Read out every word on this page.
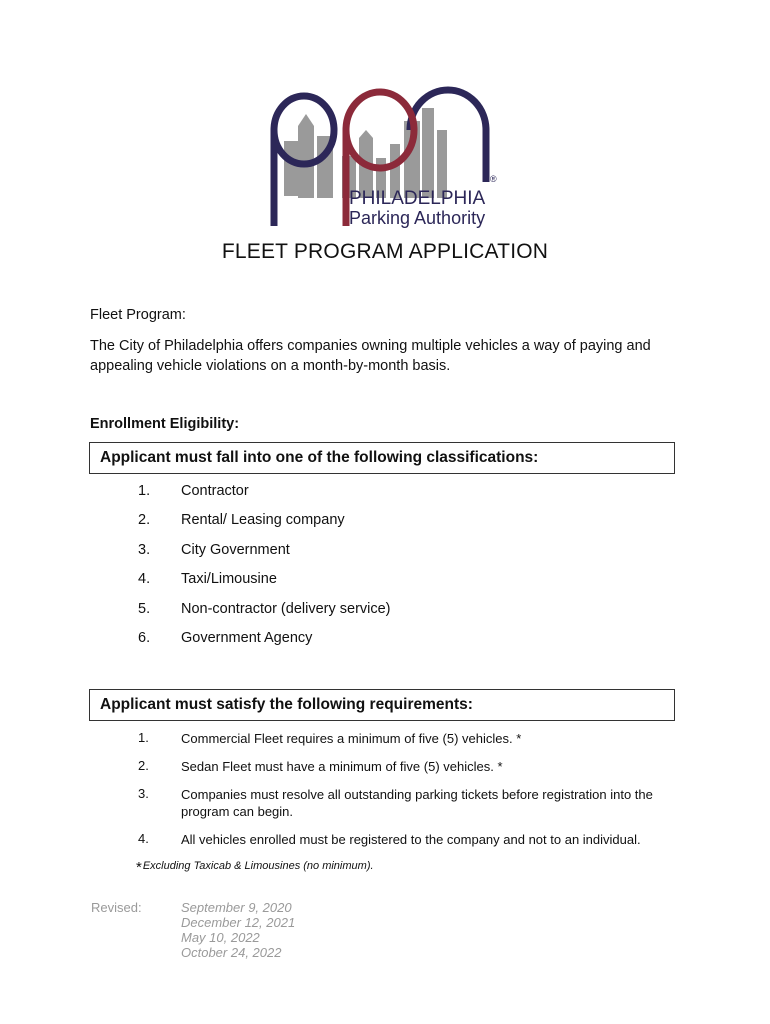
®
PHILADELPHIA
Parking Authority
FLEET PROGRAM APPLICATION
Fleet Program:
The City of Philadelphia offers companies owning multiple vehicles a way of paying and appealing vehicle violations on a month-by-month basis.
Enrollment Eligibility:
Applicant must fall into one of the following classifications:
1. Contractor
2. Rental/ Leasing company
3. City Government
4. Taxi/Limousine
5. Non-contractor (delivery service)
6. Government Agency
Applicant must satisfy the following requirements:
1. Commercial Fleet requires a minimum of five (5) vehicles. *
2. Sedan Fleet must have a minimum of five (5) vehicles. *
3. Companies must resolve all outstanding parking tickets before registration into the program can begin.
4. All vehicles enrolled must be registered to the company and not to an individual.
*Excluding Taxicab & Limousines (no minimum).
Revised:	September 9, 2020
December 12, 2021
May 10, 2022
October 24, 2022
